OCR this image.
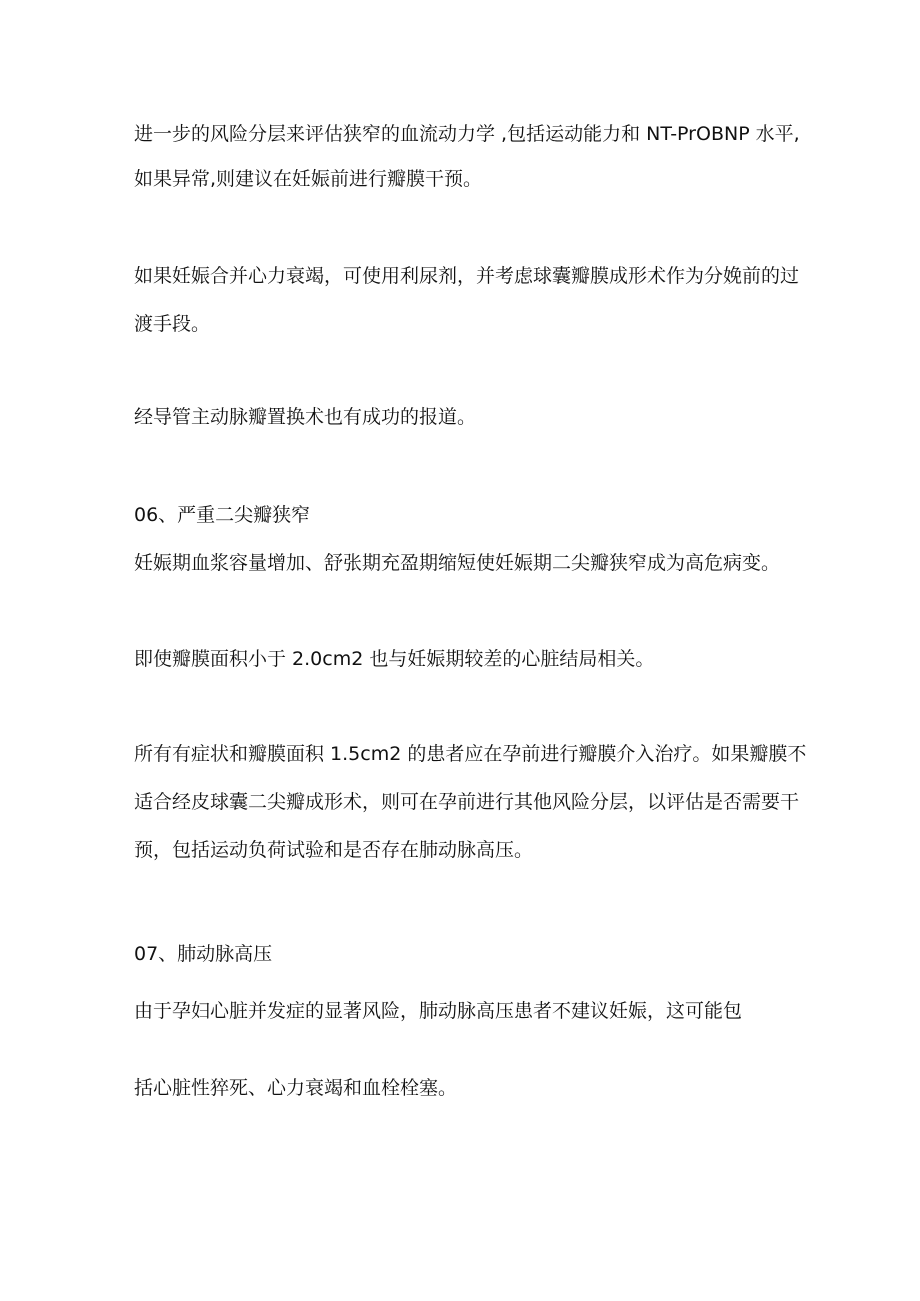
进一步的风险分层来评估狭窄的血流动力学 ,包括运动能力和 NT-PrOBNP 水平,
如果异常,则建议在妊娠前进行瓣膜干预。
如果妊娠合并心力衰竭，可使用利尿剂，并考虑球囊瓣膜成形术作为分娩前的过
渡手段。
经导管主动脉瓣置换术也有成功的报道。
06、严重二尖瓣狭窄
妊娠期血浆容量增加、舒张期充盈期缩短使妊娠期二尖瓣狭窄成为高危病变。
即使瓣膜面积小于 2.0cm2 也与妊娠期较差的心脏结局相关。
所有有症状和瓣膜面积 1.5cm2 的患者应在孕前进行瓣膜介入治疗。如果瓣膜不
适合经皮球囊二尖瓣成形术，则可在孕前进行其他风险分层，以评估是否需要干
预，包括运动负荷试验和是否存在肺动脉高压。
07、肺动脉高压
由于孕妇心脏并发症的显著风险，肺动脉高压患者不建议妊娠，这可能包
括心脏性猝死、心力衰竭和血栓栓塞。
